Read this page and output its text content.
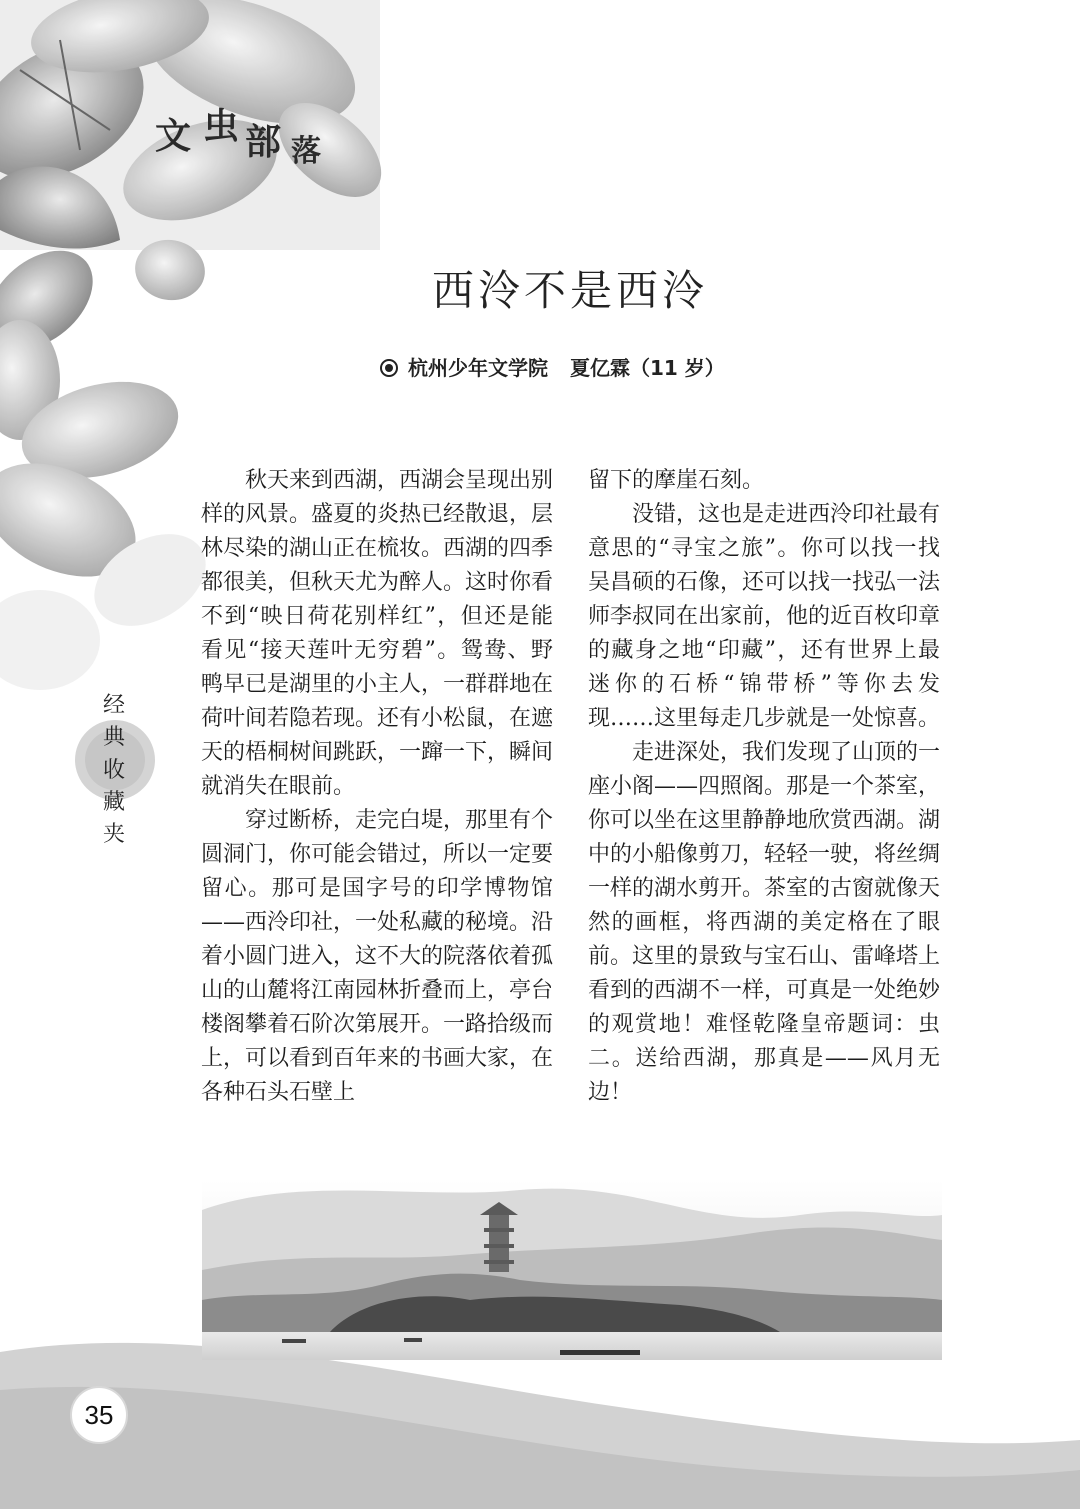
文 虫 部 落
西泠不是西泠
杭州少年文学院 夏亿霖（11 岁）
经
典
收
藏
夹

秋天来到西湖，西湖会呈现出别样的风景。盛夏的炎热已经散退，层林尽染的湖山正在梳妆。西湖的四季都很美，但秋天尤为醉人。这时你看不到“映日荷花别样红”，但还是能看见“接天莲叶无穷碧”。鸳鸯、野鸭早已是湖里的小主人，一群群地在荷叶间若隐若现。还有小松鼠，在遮天的梧桐树间跳跃，一蹿一下，瞬间就消失在眼前。

穿过断桥，走完白堤，那里有个圆洞门，你可能会错过，所以一定要留心。那可是国字号的印学博物馆——西泠印社，一处私藏的秘境。沿着小圆门进入，这不大的院落依着孤山的山麓将江南园林折叠而上，亭台楼阁攀着石阶次第展开。一路拾级而上，可以看到百年来的书画大家，在各种石头石壁上

留下的摩崖石刻。

没错，这也是走进西泠印社最有意思的“寻宝之旅”。你可以找一找吴昌硕的石像，还可以找一找弘一法师李叔同在出家前，他的近百枚印章的藏身之地“印藏”，还有世界上最迷你的石桥“锦带桥”等你去发现……这里每走几步就是一处惊喜。

走进深处，我们发现了山顶的一座小阁——四照阁。那是一个茶室，你可以坐在这里静静地欣赏西湖。湖中的小船像剪刀，轻轻一驶，将丝绸一样的湖水剪开。茶室的古窗就像天然的画框，将西湖的美定格在了眼前。这里的景致与宝石山、雷峰塔上看到的西湖不一样，可真是一处绝妙的观赏地！难怪乾隆皇帝题词：虫二。送给西湖，那真是——风月无边！

35
